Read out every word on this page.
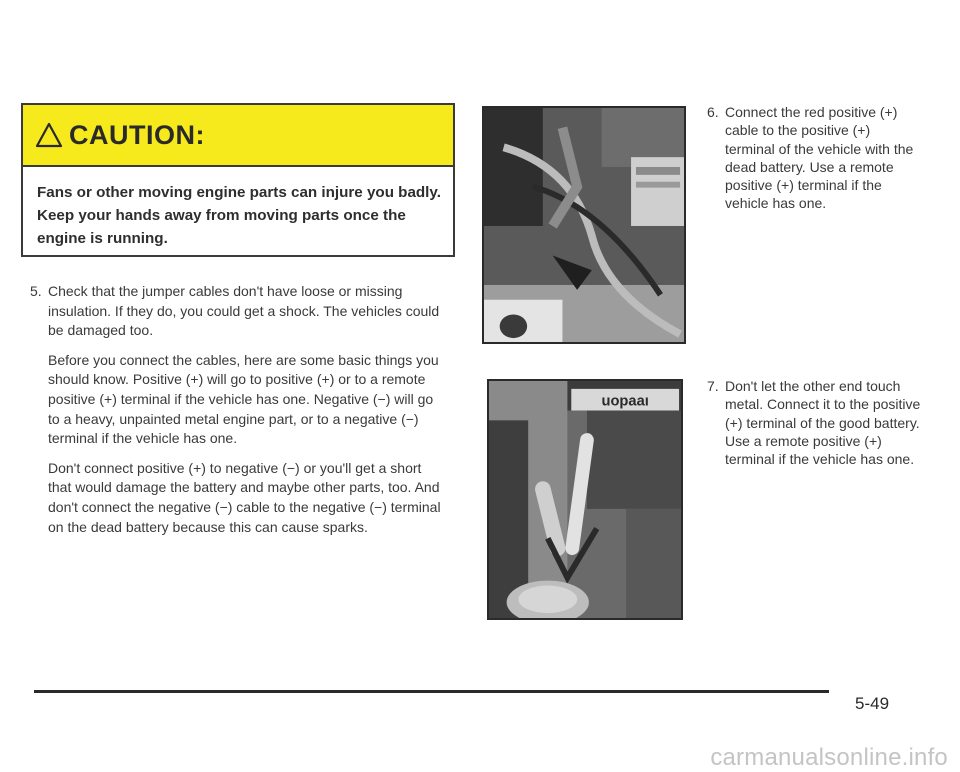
CAUTION:
Fans or other moving engine parts can injure you badly. Keep your hands away from moving parts once the engine is running.
5. Check that the jumper cables don't have loose or missing insulation. If they do, you could get a shock. The vehicles could be damaged too.

Before you connect the cables, here are some basic things you should know. Positive (+) will go to positive (+) or to a remote positive (+) terminal if the vehicle has one. Negative (−) will go to a heavy, unpainted metal engine part, or to a negative (−) terminal if the vehicle has one.

Don't connect positive (+) to negative (−) or you'll get a short that would damage the battery and maybe other parts, too. And don't connect the negative (−) cable to the negative (−) terminal on the dead battery because this can cause sparks.

uopaaı
6. Connect the red positive (+) cable to the positive (+) terminal of the vehicle with the dead battery. Use a remote positive (+) terminal if the vehicle has one.
7. Don't let the other end touch metal. Connect it to the positive (+) terminal of the good battery. Use a remote positive (+) terminal if the vehicle has one.
5-49
carmanualsonline.info
